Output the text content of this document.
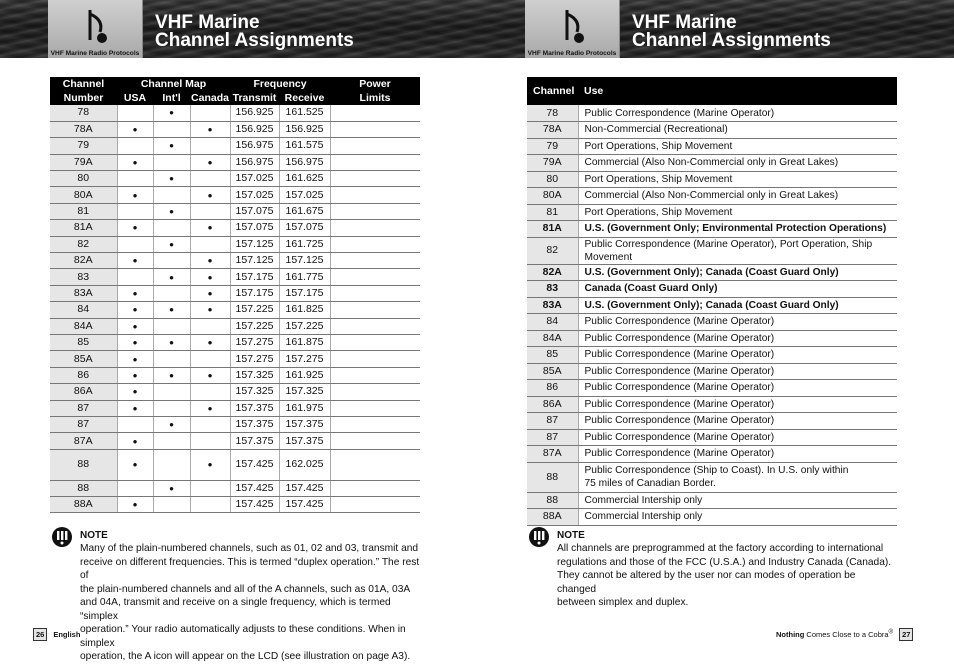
VHF Marine Radio Protocols
VHF Marine
Channel Assignments
Channel	Channel Map			Frequency		Power
Number	USA	Int'l	Canada	Transmit	Receive	Limits
78		•		156.925	161.525	
78A	•		•	156.925	156.925	
79		•		156.975	161.575	
79A	•		•	156.975	156.975	
80		•		157.025	161.625	
80A	•		•	157.025	157.025	
81		•		157.075	161.675	
81A	•		•	157.075	157.075	
82		•		157.125	161.725	
82A	•		•	157.125	157.125	
83		•	•	157.175	161.775	
83A	•		•	157.175	157.175	
84	•	•	•	157.225	161.825	
84A	•			157.225	157.225	
85	•	•	•	157.275	161.875	
85A	•			157.275	157.275	
86	•	•	•	157.325	161.925	
86A	•			157.325	157.325	
87	•		•	157.375	161.975	
87		•		157.375	157.375	
87A	•			157.375	157.375	
88	•		•	157.425	162.025	
88		•		157.425	157.425	
88A	•			157.425	157.425	
NOTE
Many of the plain-numbered channels, such as 01, 02 and 03, transmit and
receive on different frequencies. This is termed “duplex operation.” The rest of
the plain-numbered channels and all of the A channels, such as 01A, 03A
and 04A, transmit and receive on a single frequency, which is termed “simplex
operation.” Your radio automatically adjusts to these conditions. When in simplex
operation, the A icon will appear on the LCD (see illustration on page A3).
26 English
VHF Marine Radio Protocols
VHF Marine
Channel Assignments
Channel	Use
78	Public Correspondence (Marine Operator)

78A	Non-Commercial (Recreational)

79	Port Operations, Ship Movement

79A	Commercial (Also Non-Commercial only in Great Lakes)

80	Port Operations, Ship Movement

80A	Commercial (Also Non-Commercial only in Great Lakes)

81	Port Operations, Ship Movement

81A	U.S. (Government Only; Environmental Protection Operations)

82	Public Correspondence (Marine Operator), Port Operation, Ship Movement

82A	U.S. (Government Only); Canada (Coast Guard Only)

83	Canada (Coast Guard Only)

83A	U.S. (Government Only); Canada (Coast Guard Only)

84	Public Correspondence (Marine Operator)

84A	Public Correspondence (Marine Operator)

85	Public Correspondence (Marine Operator)

85A	Public Correspondence (Marine Operator)

86	Public Correspondence (Marine Operator)

86A	Public Correspondence (Marine Operator)

87	Public Correspondence (Marine Operator)

87	Public Correspondence (Marine Operator)

87A	Public Correspondence (Marine Operator)

88	Public Correspondence (Ship to Coast). In U.S. only within
75 miles of Canadian Border.

88	Commercial Intership only

88A	Commercial Intership only
NOTE
All channels are preprogrammed at the factory according to international
regulations and those of the FCC (U.S.A.) and Industry Canada (Canada).
They cannot be altered by the user nor can modes of operation be changed
between simplex and duplex.
Nothing Comes Close to a Cobra® 27
